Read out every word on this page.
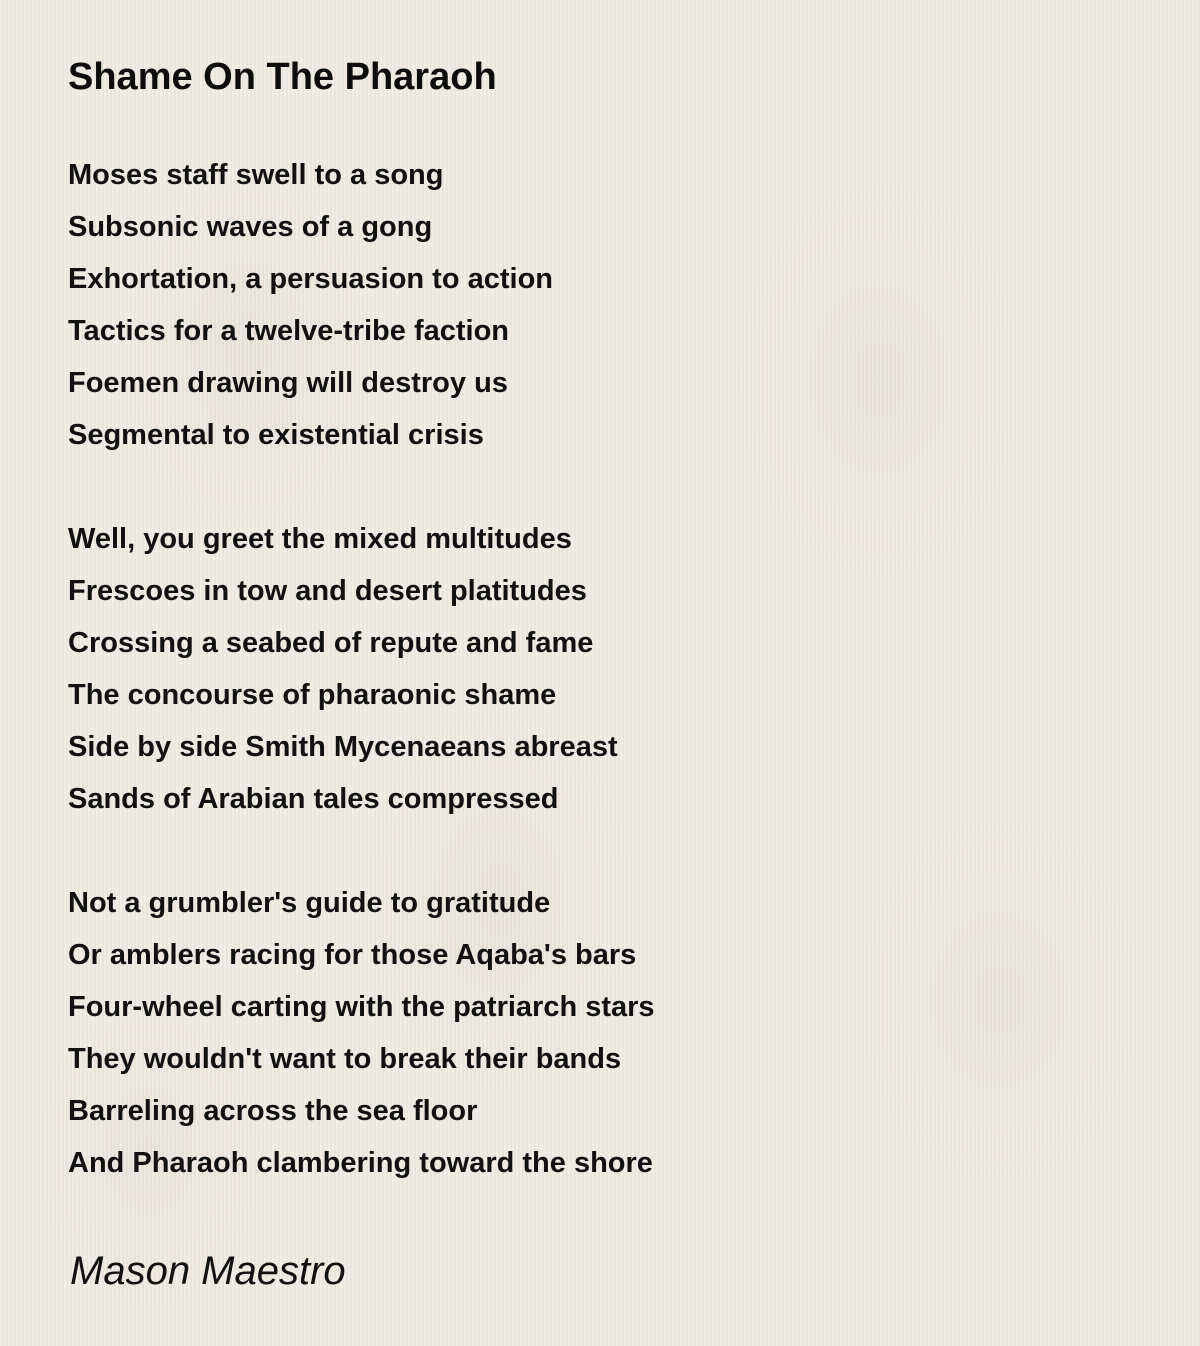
Shame On The Pharaoh
Moses staff swell to a song
Subsonic waves of a gong
Exhortation, a persuasion to action
Tactics for a twelve-tribe faction
Foemen drawing will destroy us
Segmental to existential crisis
Well, you greet the mixed multitudes
Frescoes in tow and desert platitudes
Crossing a seabed of repute and fame
The concourse of pharaonic shame
Side by side Smith Mycenaeans abreast
Sands of Arabian tales compressed
Not a grumbler's guide to gratitude
Or amblers racing for those Aqaba's bars
Four-wheel carting with the patriarch stars
They wouldn't want to break their bands
Barreling across the sea floor
And Pharaoh clambering toward the shore
Mason Maestro
